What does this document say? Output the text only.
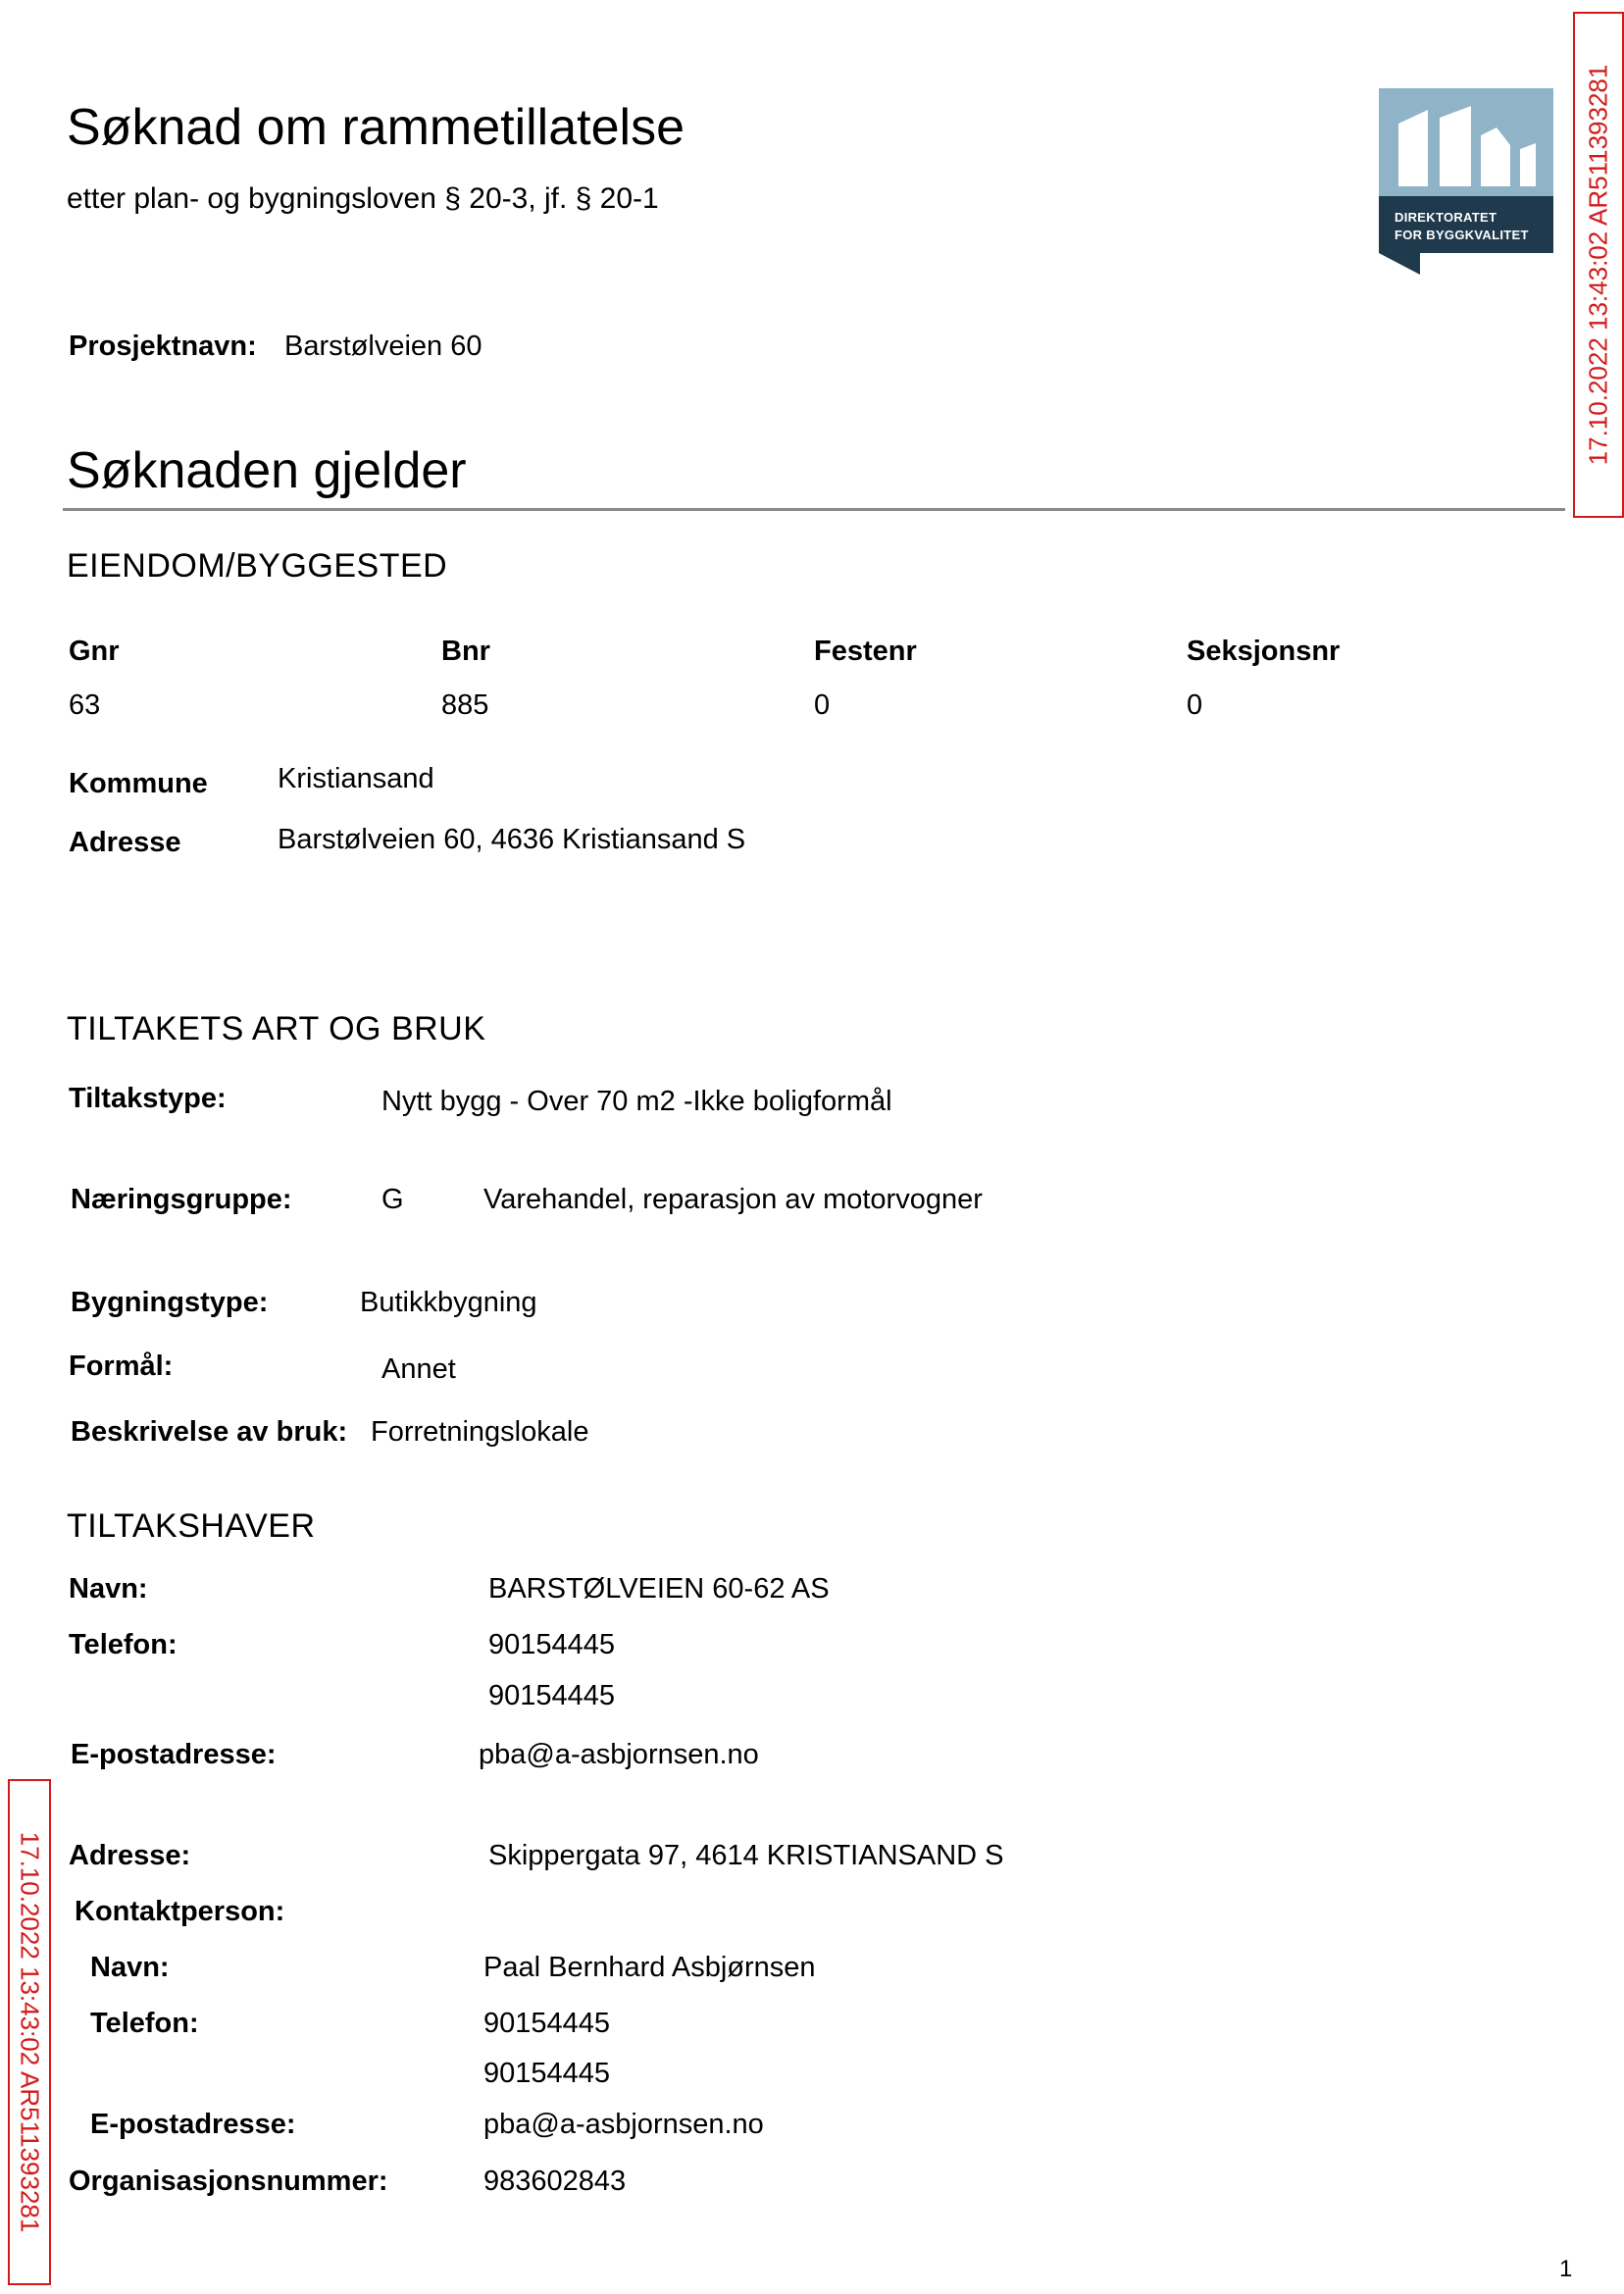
Søknad om rammetillatelse
etter plan- og bygningsloven § 20-3, jf. § 20-1
Prosjektnavn: Barstølveien 60
DIREKTORATET
FOR BYGGKVALITET 17.10.2022 13:43:02 AR511393281
17.10.2022 13:43:02 AR511393281
Søknaden gjelder
EIENDOM/BYGGESTED
Gnr	Bnr	Festenr	Seksjonsnr
63	885	0	0
Kommune Kristiansand
Adresse	Barstølveien 60, 4636 Kristiansand S
TILTAKETS ART OG BRUK
Tiltakstype:	Nytt bygg - Over 70 m2 -Ikke boligformål
Næringsgruppe:	G	Varehandel, reparasjon av motorvogner
Bygningstype:	Butikkbygning
Formål:	Annet
Beskrivelse av bruk: Forretningslokale
TILTAKSHAVER
Navn:	BARSTØLVEIEN 60-62 AS
Telefon:	90154445
90154445
E-postadresse:	pba@a-asbjornsen.no
Adresse:	Skippergata 97, 4614 KRISTIANSAND S
Kontaktperson:
Navn:	Paal Bernhard Asbjørnsen
Telefon:	90154445
90154445
E-postadresse:	pba@a-asbjornsen.no
Organisasjonsnummer:	983602843
1
